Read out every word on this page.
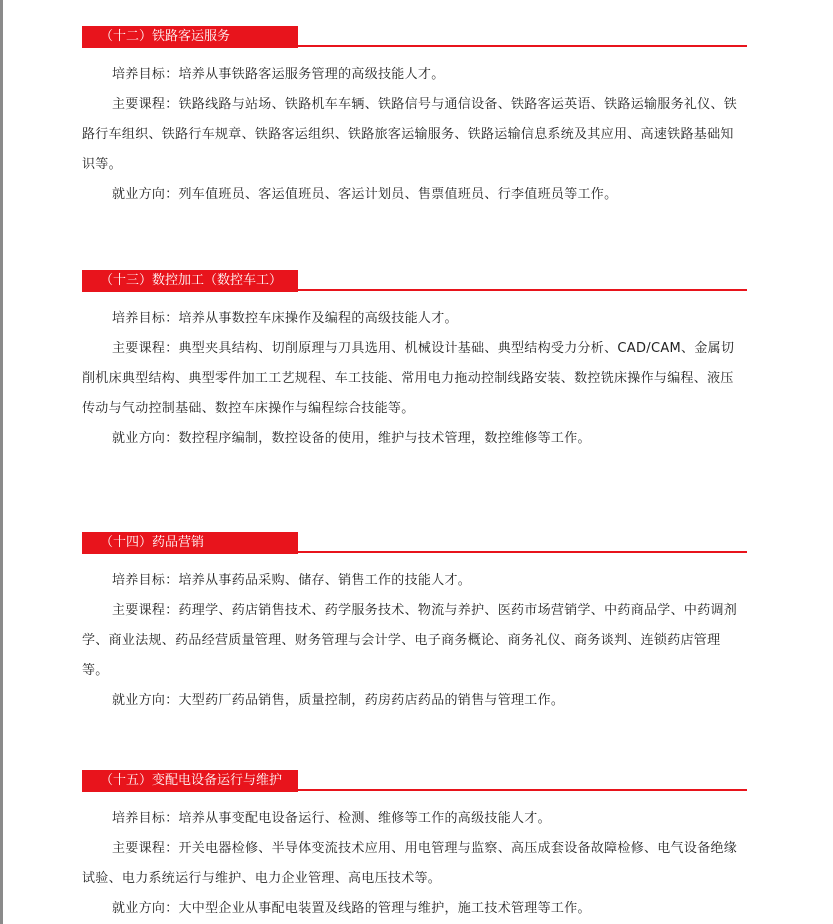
（十二）铁路客运服务

培养目标：培养从事铁路客运服务管理的高级技能人才。

主要课程：铁路线路与站场、铁路机车车辆、铁路信号与通信设备、铁路客运英语、铁路运输服务礼仪、铁路行车组织、铁路行车规章、铁路客运组织、铁路旅客运输服务、铁路运输信息系统及其应用、高速铁路基础知识等。

就业方向：列车值班员、客运值班员、客运计划员、售票值班员、行李值班员等工作。

（十三）数控加工（数控车工）

培养目标：培养从事数控车床操作及编程的高级技能人才。

主要课程：典型夹具结构、切削原理与刀具选用、机械设计基础、典型结构受力分析、CAD/CAM、金属切削机床典型结构、典型零件加工工艺规程、车工技能、常用电力拖动控制线路安装、数控铣床操作与编程、液压传动与气动控制基础、数控车床操作与编程综合技能等。

就业方向：数控程序编制，数控设备的使用，维护与技术管理，数控维修等工作。

（十四）药品营销

培养目标：培养从事药品采购、储存、销售工作的技能人才。

主要课程：药理学、药店销售技术、药学服务技术、物流与养护、医药市场营销学、中药商品学、中药调剂学、商业法规、药品经营质量管理、财务管理与会计学、电子商务概论、商务礼仪、商务谈判、连锁药店管理等。

就业方向：大型药厂药品销售，质量控制，药房药店药品的销售与管理工作。

（十五）变配电设备运行与维护

培养目标：培养从事变配电设备运行、检测、维修等工作的高级技能人才。

主要课程：开关电器检修、半导体变流技术应用、用电管理与监察、高压成套设备故障检修、电气设备绝缘试验、电力系统运行与维护、电力企业管理、高电压技术等。

就业方向：大中型企业从事配电装置及线路的管理与维护，施工技术管理等工作。
